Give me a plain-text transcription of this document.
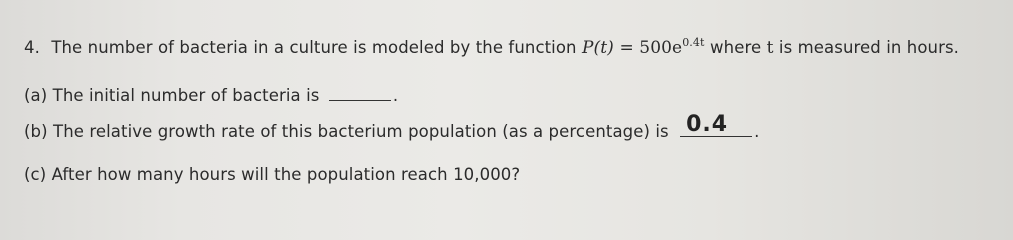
4. The number of bacteria in a culture is modeled by the function $P(t) = 500e^{0.4t}$ where t is measured in hours.
(a) The initial number of bacteria is	.
(b) The relative growth rate of this bacterium population (as a percentage) is 0.4 .
(c) After how many hours will the population reach 10,000?
